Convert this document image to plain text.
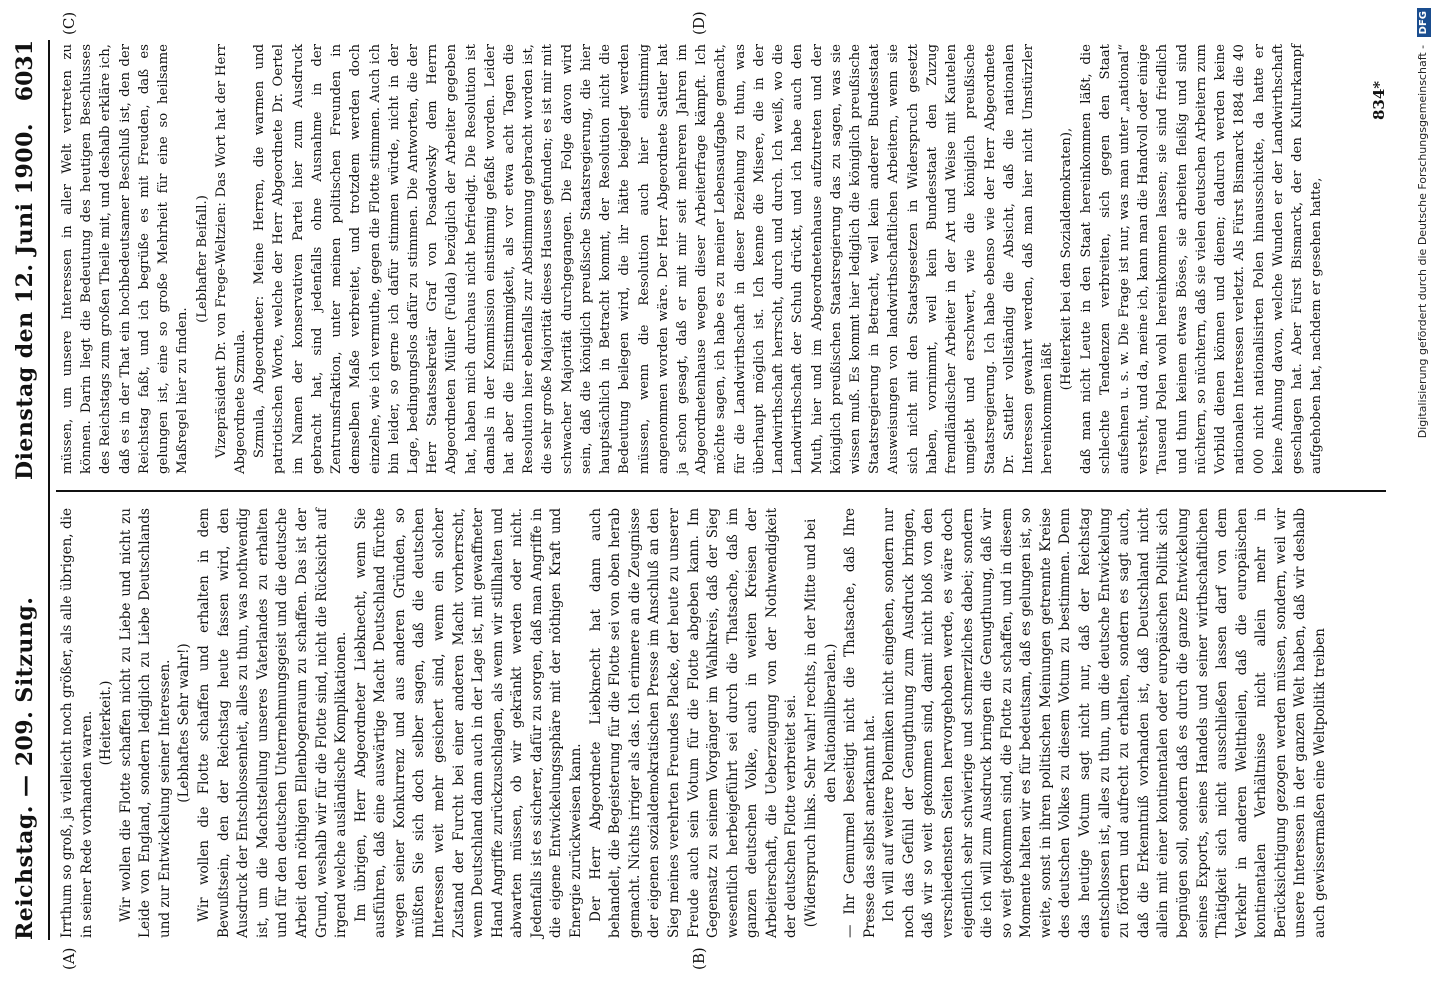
Reichstag. — 209. Sitzung.
Dienstag den 12. Juni 1900.
6031

Irrthum so groß, ja vielleicht noch größer, als alle übrigen, die in seiner Rede vorhanden waren. (Heiterkeit.) Wir wollen die Flotte schaffen nicht zu Liebe und nicht zu Leide von England, sondern lediglich zu Liebe Deutschlands und zur Entwickelung seiner Interessen. (Lebhaftes Sehr wahr!) Wir wollen die Flotte schaffen und erhalten in dem Bewußtsein, den der Reichstag heute fassen wird, den Ausdruck der Entschlossenheit, alles zu thun, was nothwendig ist, um die Machtstellung unseres Vaterlandes zu erhalten und für den deutschen Unternehmungsgeist und die deutsche Arbeit den nöthigen Ellenbogenraum zu schaffen. Das ist der Grund, weshalb wir für die Flotte sind, nicht die Rücksicht auf irgend welche ausländische Komplikationen. Im übrigen, Herr Abgeordneter Liebknecht, wenn Sie ausführen, daß eine auswärtige Macht Deutschland fürchte wegen seiner Konkurrenz und aus anderen Gründen, so müßten Sie sich doch selber sagen, daß die deutschen Interessen weit mehr gesichert sind, wenn ein solcher Zustand der Furcht bei einer anderen Macht vorherrscht, wenn Deutschland dann auch in der Lage ist, mit gewaffneter Hand Angriffe zurückzuschlagen, als wenn wir stillhalten und abwarten müssen, ob wir gekränkt werden oder nicht. Jedenfalls ist es sicherer, dafür zu sorgen, daß man Angriffe in die eigene Entwickelungssphäre mit der nöthigen Kraft und Energie zurückweisen kann. Der Herr Abgeordnete Liebknecht hat dann auch behandelt, die Begeisterung für die Flotte sei von oben herab gemacht. Nichts irriger als das. Ich erinnere an die Zeugnisse der eigenen sozialdemokratischen Presse im Anschluß an den Sieg meines verehrten Freundes Placke, der heute zu unserer Freude auch sein Votum für die Flotte abgeben kann. Im Gegensatz zu seinem Vorgänger im Wahlkreis, daß der Sieg wesentlich herbeigeführt sei durch die Thatsache, daß im ganzen deutschen Volke, auch in weiten Kreisen der Arbeiterschaft, die Ueberzeugung von der Nothwendigkeit der deutschen Flotte verbreitet sei. (Widerspruch links. Sehr wahr! rechts, in der Mitte und bei den Nationalliberalen.) — Ihr Gemurmel beseitigt nicht die Thatsache, daß Ihre Presse das selbst anerkannt hat. Ich will auf weitere Polemiken nicht eingehen, sondern nur noch das Gefühl der Genugthuung zum Ausdruck bringen, daß wir so weit gekommen sind, damit nicht bloß von den verschiedensten Seiten hervorgehoben werde, es wäre doch eigentlich sehr schwierige und schmerzliches dabei; sondern die ich will zum Ausdruck bringen die Genugthuung, daß wir so weit gekommen sind, die Flotte zu schaffen, und in diesem Momente halten wir es für bedeutsam, daß es gelungen ist, so weite, sonst in ihren politischen Meinungen getrennte Kreise des deutschen Volkes zu diesem Votum zu bestimmen. Denn das heutige Votum sagt nicht nur, daß der Reichstag entschlossen ist, alles zu thun, um die deutsche Entwickelung zu fördern und aufrecht zu erhalten, sondern es sagt auch, daß die Erkenntniß vorhanden ist, daß Deutschland nicht allein mit einer kontinentalen oder europäischen Politik sich begnügen soll, sondern daß es durch die ganze Entwickelung seines Exports, seines Handels und seiner wirthschaftlichen Thätigkeit sich nicht ausschließen lassen darf von dem Verkehr in anderen Welttheilen, daß die europäischen kontinentalen Verhältnisse nicht allein mehr in Berücksichtigung gezogen werden müssen, sondern, weil wir unsere Interessen in der ganzen Welt haben, daß wir deshalb auch gewissermaßen eine Weltpolitik treiben

müssen, um unsere Interessen in aller Welt vertreten zu können. Darin liegt die Bedeutung des heutigen Beschlusses des Reichstags zum großen Theile mit, und deshalb erkläre ich, daß es in der That ein hochbedeutsamer Beschluß ist, den der Reichstag faßt, und ich begrüße es mit Freuden, daß es gelungen ist, eine so große Mehrheit für eine so heilsame Maßregel hier zu finden.

(Lebhafter Beifall.) Vizepräsident Dr. von Frege-Weltzien: Das Wort hat der Herr Abgeordnete Szmula. Szmula, Abgeordneter: Meine Herren, die warmen und patriotischen Worte, welche der Herr Abgeordnete Dr. Oertel im Namen der konservativen Partei hier zum Ausdruck gebracht hat, sind jedenfalls ohne Ausnahme in der Zentrumsfraktion, unter meinen politischen Freunden in demselben Maße verbreitet, und trotzdem werden doch einzelne, wie ich vermuthe, gegen die Flotte stimmen. Auch ich bin leider, so gerne ich dafür stimmen würde, nicht in der Lage, bedingungslos dafür zu stimmen. Die Antworten, die der Herr Staatssekretär Graf von Posadowsky dem Herrn Abgeordneten Müller (Fulda) bezüglich der Arbeiter gegeben hat, haben mich durchaus nicht befriedigt. Die Resolution ist damals in der Kommission einstimmig gefaßt worden. Leider hat aber die Einstimmigkeit, als vor etwa acht Tagen die Resolution hier ebenfalls zur Abstimmung gebracht worden ist, die sehr große Majorität dieses Hauses gefunden; es ist mir mit schwacher Majorität durchgegangen. Die Folge davon wird sein, daß die königlich preußische Staatsregierung, die hier hauptsächlich in Betracht kommt, der Resolution nicht die Bedeutung beilegen wird, die ihr hätte beigelegt werden müssen, wenn die Resolution auch hier einstimmig angenommen worden wäre. Der Herr Abgeordnete Sattler hat ja schon gesagt, daß er mit mir seit mehreren Jahren im Abgeordnetenhause wegen dieser Arbeiterfrage kämpft. Ich möchte sagen, ich habe es zu meiner Lebensaufgabe gemacht, für die Landwirthschaft in dieser Beziehung zu thun, was überhaupt möglich ist. Ich kenne die Misere, die in der Landwirthschaft herrscht, durch und durch. Ich weiß, wo die Landwirthschaft der Schuh drückt, und ich habe auch den Muth, hier und im Abgeordnetenhause aufzutreten und der königlich preußischen Staatsregierung das zu sagen, was sie wissen muß. Es kommt hier lediglich die königlich preußische Staatsregierung in Betracht, weil kein anderer Bundesstaat Ausweisungen von landwirthschaftlichen Arbeitern, wenn sie sich nicht mit den Staatsgesetzen in Widerspruch gesetzt haben, vornimmt, weil kein Bundesstaat den Zuzug fremdländischer Arbeiter in der Art und Weise mit Kautelen umgiebt und erschwert, wie die königlich preußische Staatsregierung. Ich habe ebenso wie der Herr Abgeordnete Dr. Sattler vollständig die Absicht, daß die nationalen Interessen gewahrt werden, daß man hier nicht Umstürzler hereinkommen läßt

(Heiterkeit bei den Sozialdemokraten), daß man nicht Leute in den Staat hereinkommen läßt, die schlechte Tendenzen verbreiten, sich gegen den Staat aufsehnen u. s. w. Die Frage ist nur, was man unter „national“ versteht, und da, meine ich, kann man die Handvoll oder einige Tausend Polen wohl hereinkommen lassen; sie sind friedlich und thun keinem etwas Böses, sie arbeiten fleißig und sind nüchtern, so nüchtern, daß sie vielen deutschen Arbeitern zum Vorbild dienen können und dienen; dadurch werden keine nationalen Interessen verletzt. Als Fürst Bismarck 1884 die 40 000 nicht nationalisirten Polen hinausschickte, da hatte er keine Ahnung davon, welche Wunden er der Landwirthschaft geschlagen hat. Aber Fürst Bismarck, der den Kulturkampf aufgehoben hat, nachdem er gesehen hatte,

(A)	(B)
(C)	(D)
834*	Digitalisierung gefördert durch die Deutsche Forschungsgemeinschaft - DFG
